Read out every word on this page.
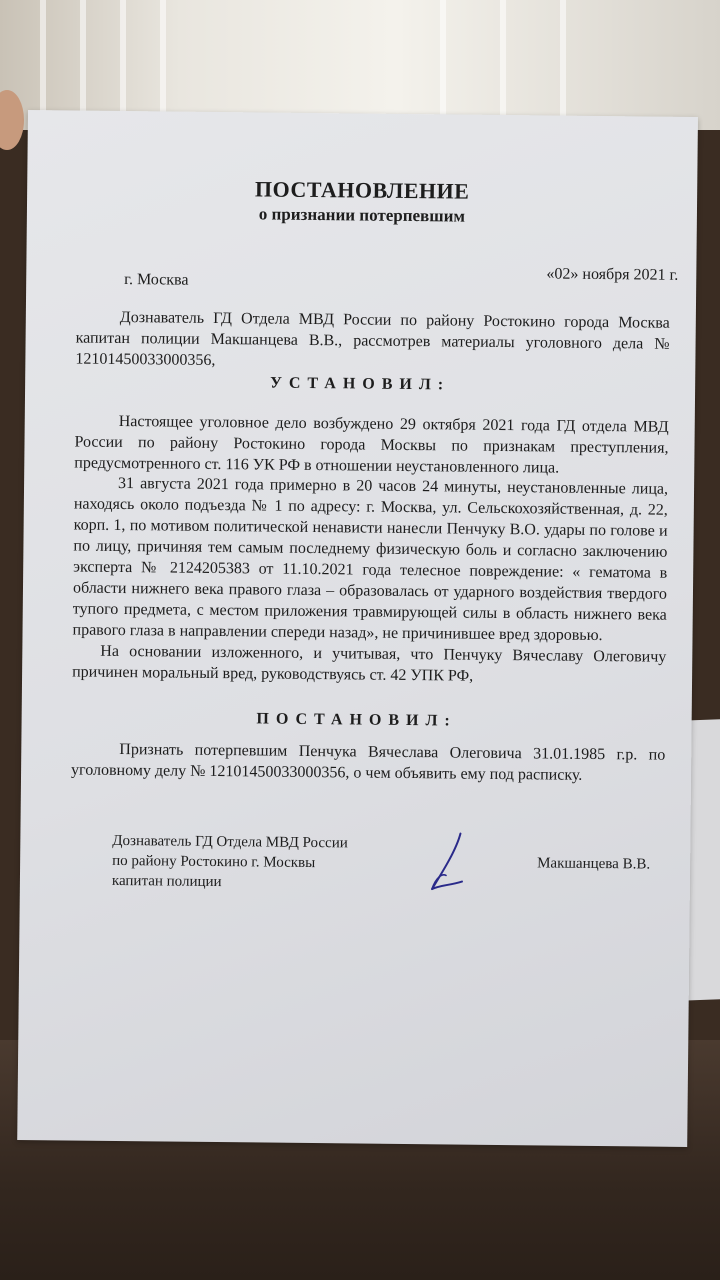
ПОСТАНОВЛЕНИЕ
о признании потерпевшим
г. Москва	«02» ноября 2021 г.
Дознаватель ГД Отдела МВД России по району Ростокино города Москва капитан полиции Макшанцева В.В., рассмотрев материалы уголовного дела № 12101450033000356,
УСТАНОВИЛ:
Настоящее уголовное дело возбуждено 29 октября 2021 года ГД отдела МВД России по району Ростокино города Москвы по признакам преступления, предусмотренного ст. 116 УК РФ в отношении неустановленного лица.
31 августа 2021 года примерно в 20 часов 24 минуты, неустановленные лица, находясь около подъезда № 1 по адресу: г. Москва, ул. Сельскохозяйственная, д. 22, корп. 1, по мотивом политической ненависти нанесли Пенчуку В.О. удары по голове и по лицу, причиняя тем самым последнему физическую боль и согласно заключению эксперта № 2124205383 от 11.10.2021 года телесное повреждение: « гематома в области нижнего века правого глаза – образовалась от ударного воздействия твердого тупого предмета, с местом приложения травмирующей силы в область нижнего века правого глаза в направлении спереди назад», не причинившее вред здоровью.
На основании изложенного, и учитывая, что Пенчуку Вячеславу Олеговичу причинен моральный вред, руководствуясь ст. 42 УПК РФ,
ПОСТАНОВИЛ:
Признать потерпевшим Пенчука Вячеслава Олеговича 31.01.1985 г.р. по уголовному делу № 12101450033000356, о чем объявить ему под расписку.
Дознаватель ГД Отдела МВД России
по району Ростокино г. Москвы
капитан полиции
Макшанцева В.В.
